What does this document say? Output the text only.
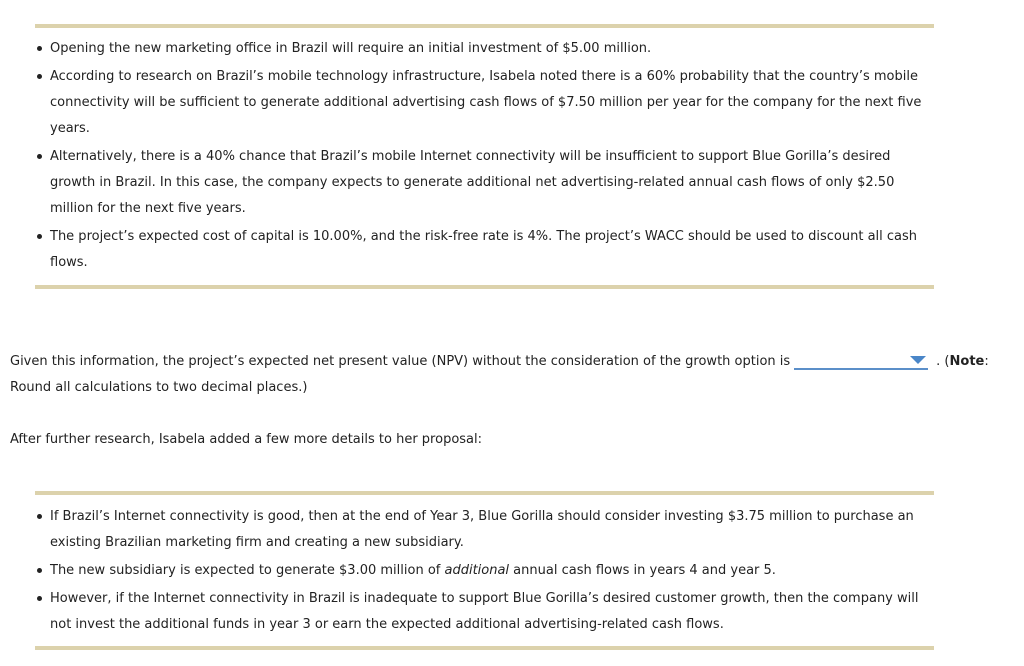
Opening the new marketing office in Brazil will require an initial investment of $5.00 million.
According to research on Brazil’s mobile technology infrastructure, Isabela noted there is a 60% probability that the country’s mobile connectivity will be sufficient to generate additional advertising cash flows of $7.50 million per year for the company for the next five years.
Alternatively, there is a 40% chance that Brazil’s mobile Internet connectivity will be insufficient to support Blue Gorilla’s desired growth in Brazil. In this case, the company expects to generate additional net advertising-related annual cash flows of only $2.50 million for the next five years.
The project’s expected cost of capital is 10.00%, and the risk-free rate is 4%. The project’s WACC should be used to discount all cash flows.

Given this information, the project’s expected net present value (NPV) without the consideration of the growth option is	. (Note: Round all calculations to two decimal places.)

After further research, Isabela added a few more details to her proposal:

If Brazil’s Internet connectivity is good, then at the end of Year 3, Blue Gorilla should consider investing $3.75 million to purchase an existing Brazilian marketing firm and creating a new subsidiary.
The new subsidiary is expected to generate $3.00 million of additional annual cash flows in years 4 and year 5.
However, if the Internet connectivity in Brazil is inadequate to support Blue Gorilla’s desired customer growth, then the company will not invest the additional funds in year 3 or earn the expected additional advertising-related cash flows.
